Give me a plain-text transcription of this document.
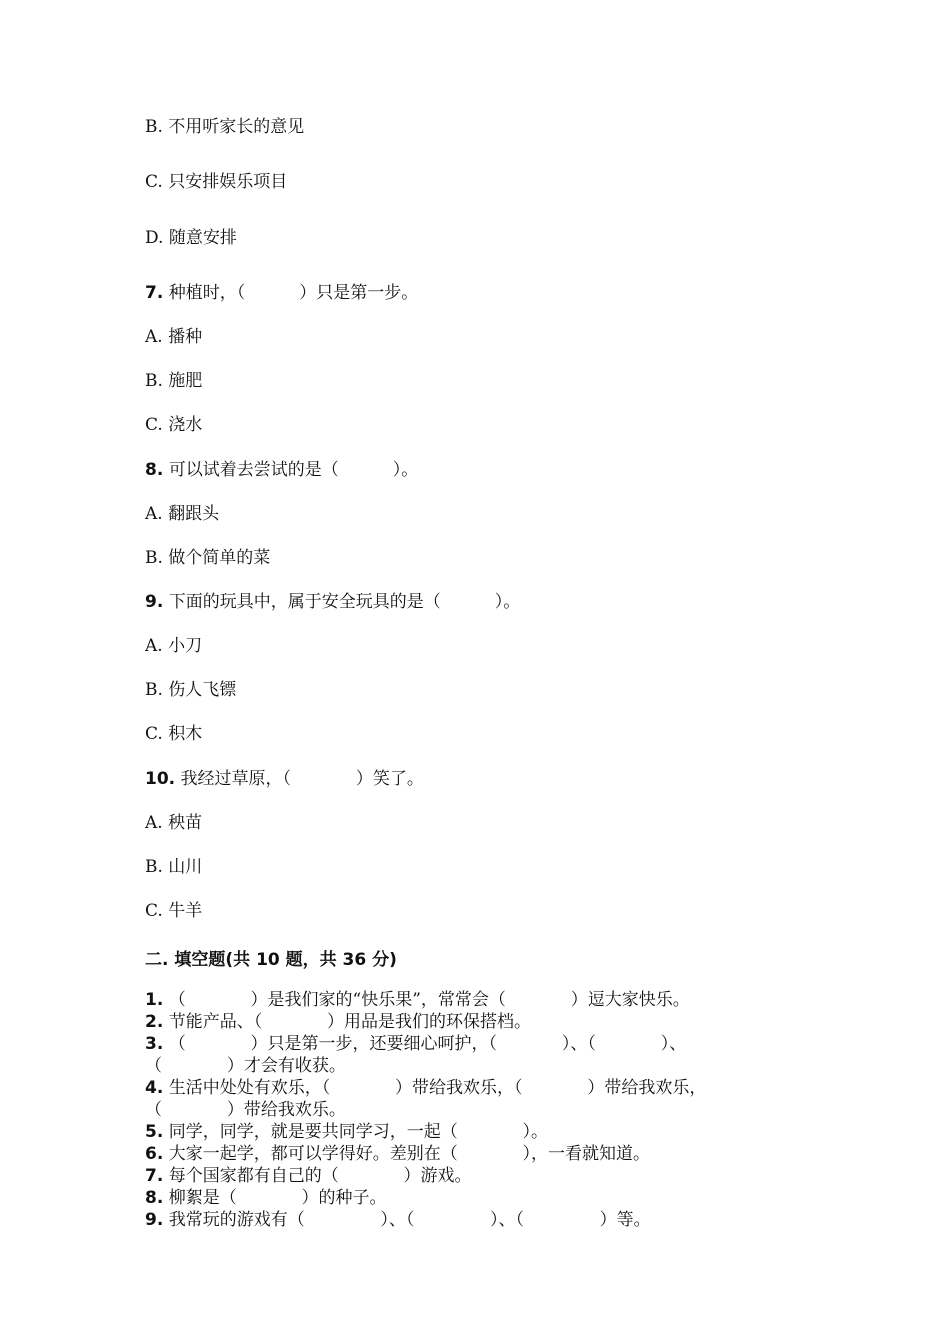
B. 不用听家长的意见
C. 只安排娱乐项目
D. 随意安排
7. 种植时，（          ）只是第一步。
A. 播种
B. 施肥
C. 浇水
8. 可以试着去尝试的是（          ）。
A. 翻跟头
B. 做个简单的菜
9. 下面的玩具中，属于安全玩具的是（          ）。
A. 小刀
B. 伤人飞镖
C. 积木
10. 我经过草原，（            ）笑了。
A. 秧苗
B. 山川
C. 牛羊
二. 填空题(共 10 题，共 36 分)
1. （            ）是我们家的“快乐果”，常常会（            ）逗大家快乐。
2. 节能产品、（            ）用品是我们的环保搭档。
3. （            ）只是第一步，还要细心呵护，（            ）、（            ）、
（            ）才会有收获。
4. 生活中处处有欢乐，（            ）带给我欢乐，（            ）带给我欢乐，
（            ）带给我欢乐。
5. 同学，同学，就是要共同学习，一起（            ）。
6. 大家一起学，都可以学得好。差别在（            ），一看就知道。
7. 每个国家都有自己的（            ）游戏。
8. 柳絮是（            ）的种子。
9. 我常玩的游戏有（              ）、（              ）、（              ）等。
